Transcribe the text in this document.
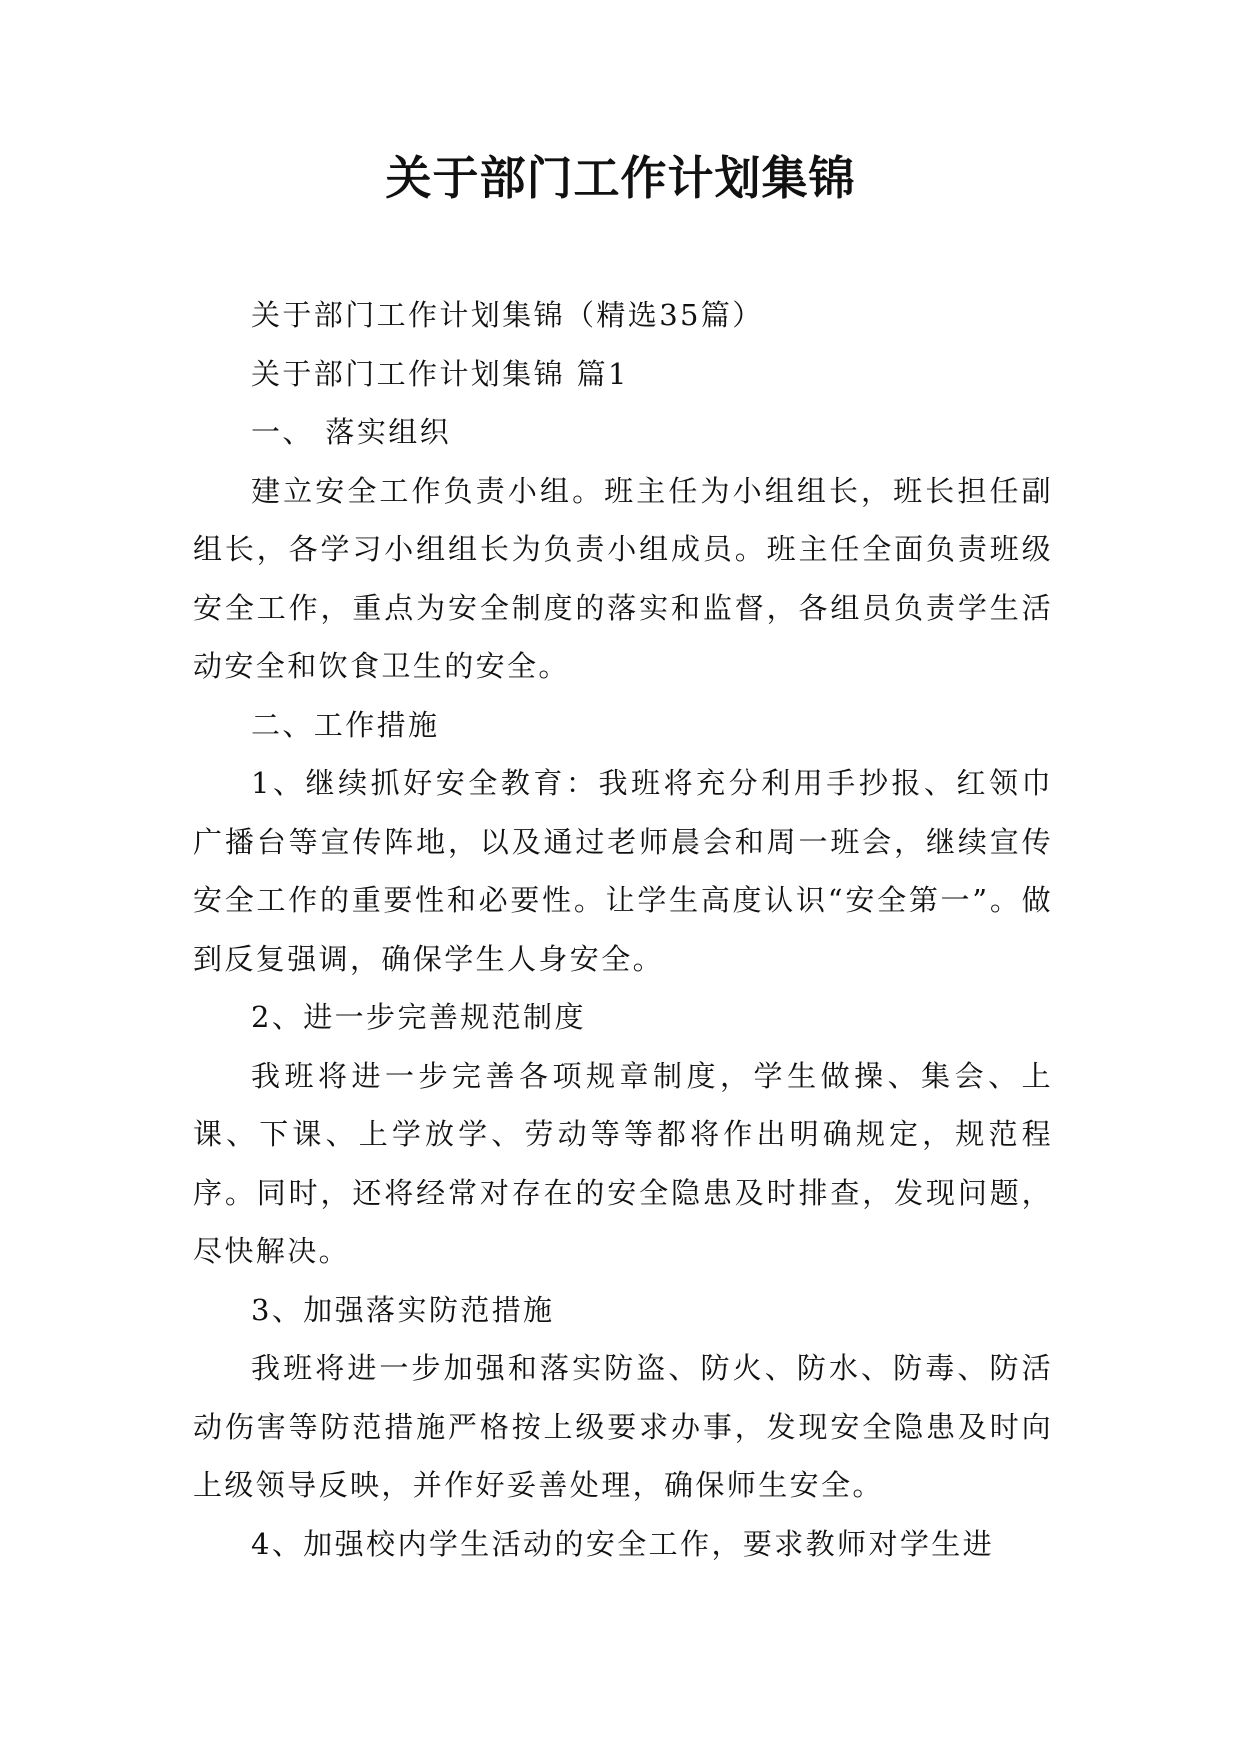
关于部门工作计划集锦

关于部门工作计划集锦（精选35篇）

关于部门工作计划集锦 篇1

一、 落实组织

建立安全工作负责小组。班主任为小组组长，班长担任副组长，各学习小组组长为负责小组成员。班主任全面负责班级安全工作，重点为安全制度的落实和监督，各组员负责学生活动安全和饮食卫生的安全。

二、工作措施

1、继续抓好安全教育：我班将充分利用手抄报、红领巾广播台等宣传阵地，以及通过老师晨会和周一班会，继续宣传安全工作的重要性和必要性。让学生高度认识“安全第一”。做到反复强调，确保学生人身安全。

2、进一步完善规范制度

我班将进一步完善各项规章制度，学生做操、集会、上课、下课、上学放学、劳动等等都将作出明确规定，规范程序。同时，还将经常对存在的安全隐患及时排查，发现问题，尽快解决。

3、加强落实防范措施

我班将进一步加强和落实防盗、防火、防水、防毒、防活动伤害等防范措施严格按上级要求办事，发现安全隐患及时向上级领导反映，并作好妥善处理，确保师生安全。

4、加强校内学生活动的安全工作，要求教师对学生进
